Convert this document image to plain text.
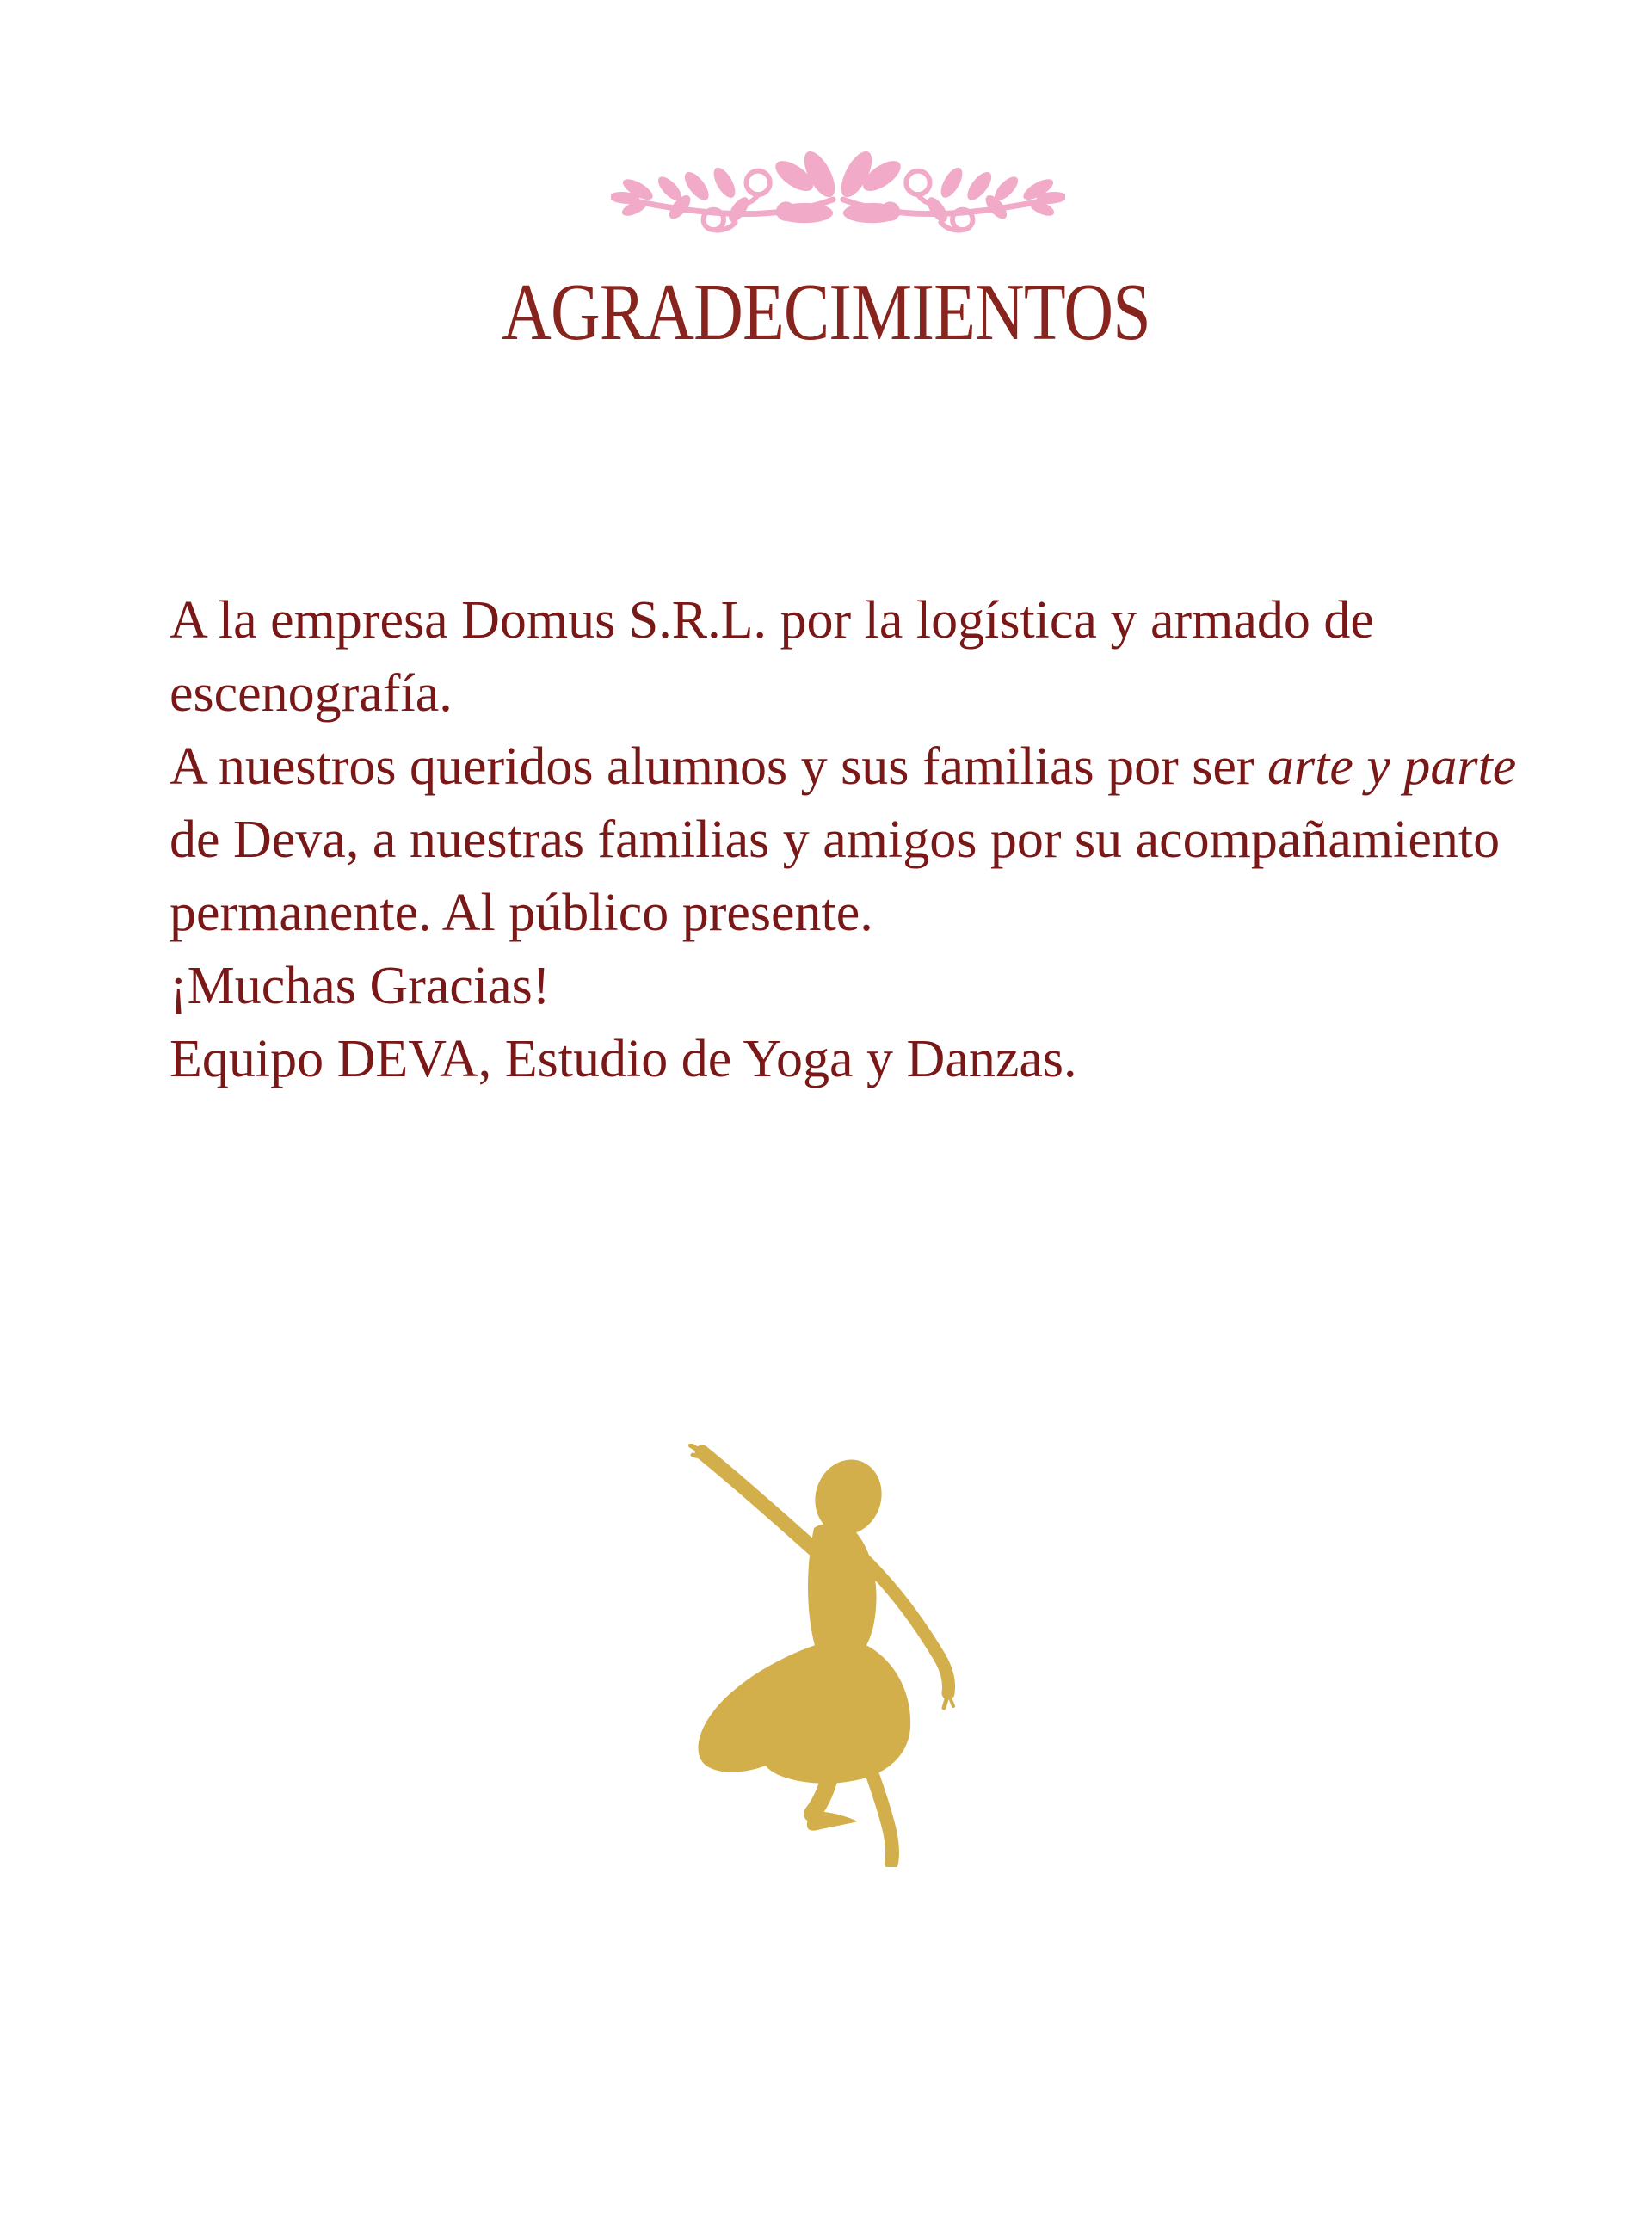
AGRADECIMIENTOS
A la empresa Domus S.R.L. por la logística y armado de
escenografía.
A nuestros queridos alumnos y sus familias por ser arte y parte
de Deva, a nuestras familias y amigos por su acompañamiento
permanente. Al público presente.
¡Muchas Gracias!
Equipo DEVA, Estudio de Yoga y Danzas.
